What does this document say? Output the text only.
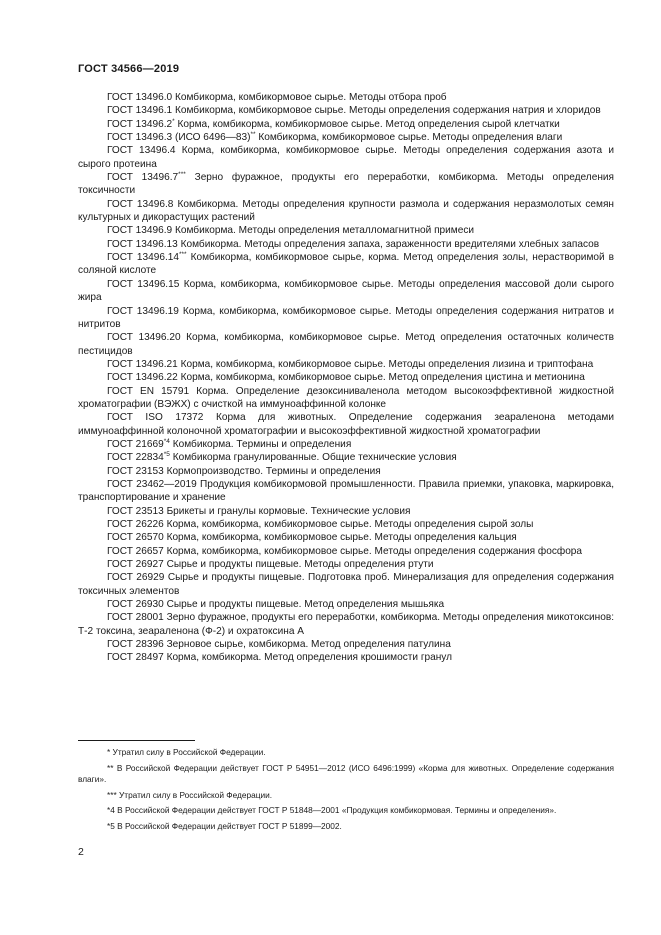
ГОСТ 34566—2019

ГОСТ 13496.0 Комбикорма, комбикормовое сырье. Методы отбора проб

ГОСТ 13496.1 Комбикорма, комбикормовое сырье. Методы определения содержания натрия и хлоридов

ГОСТ 13496.2* Корма, комбикорма, комбикормовое сырье. Метод определения сырой клетчатки

ГОСТ 13496.3 (ИСО 6496—83)** Комбикорма, комбикормовое сырье. Методы определения влаги

ГОСТ 13496.4 Корма, комбикорма, комбикормовое сырье. Методы определения содержания азота и сырого протеина

ГОСТ 13496.7*** Зерно фуражное, продукты его переработки, комбикорма. Методы определения токсичности

ГОСТ 13496.8 Комбикорма. Методы определения крупности размола и содержания неразмолотых семян культурных и дикорастущих растений

ГОСТ 13496.9 Комбикорма. Методы определения металломагнитной примеси

ГОСТ 13496.13 Комбикорма. Методы определения запаха, зараженности вредителями хлебных запасов

ГОСТ 13496.14*** Комбикорма, комбикормовое сырье, корма. Метод определения золы, нерастворимой в соляной кислоте

ГОСТ 13496.15 Корма, комбикорма, комбикормовое сырье. Методы определения массовой доли сырого жира

ГОСТ 13496.19 Корма, комбикорма, комбикормовое сырье. Методы определения содержания нитратов и нитритов

ГОСТ 13496.20 Корма, комбикорма, комбикормовое сырье. Метод определения остаточных количеств пестицидов

ГОСТ 13496.21 Корма, комбикорма, комбикормовое сырье. Методы определения лизина и триптофана

ГОСТ 13496.22 Корма, комбикорма, комбикормовое сырье. Метод определения цистина и метионина

ГОСТ EN 15791 Корма. Определение дезоксиниваленола методом высокоэффективной жидкостной хроматографии (ВЭЖХ) с очисткой на иммуноаффинной колонке

ГОСТ ISO 17372 Корма для животных. Определение содержания зеараленона методами иммуноаффинной колоночной хроматографии и высокоэффективной жидкостной хроматографии

ГОСТ 21669$^{*4}$ Комбикорма. Термины и определения

ГОСТ 22834$^{*5}$ Комбикорма гранулированные. Общие технические условия

ГОСТ 23153 Кормопроизводство. Термины и определения

ГОСТ 23462—2019 Продукция комбикормовой промышленности. Правила приемки, упаковка, маркировка, транспортирование и хранение

ГОСТ 23513 Брикеты и гранулы кормовые. Технические условия

ГОСТ 26226 Корма, комбикорма, комбикормовое сырье. Методы определения сырой золы

ГОСТ 26570 Корма, комбикорма, комбикормовое сырье. Методы определения кальция

ГОСТ 26657 Корма, комбикорма, комбикормовое сырье. Методы определения содержания фосфора

ГОСТ 26927 Сырье и продукты пищевые. Методы определения ртути

ГОСТ 26929 Сырье и продукты пищевые. Подготовка проб. Минерализация для определения содержания токсичных элементов

ГОСТ 26930 Сырье и продукты пищевые. Метод определения мышьяка

ГОСТ 28001 Зерно фуражное, продукты его переработки, комбикорма. Методы определения микотоксинов: Т-2 токсина, зеараленона (Ф-2) и охратоксина А

ГОСТ 28396 Зерновое сырье, комбикорма. Метод определения патулина

ГОСТ 28497 Корма, комбикорма. Метод определения крошимости гранул

* Утратил силу в Российской Федерации.

** В Российской Федерации действует ГОСТ Р 54951—2012 (ИСО 6496:1999) «Корма для животных. Определение содержания влаги».

*** Утратил силу в Российской Федерации.

*4 В Российской Федерации действует ГОСТ Р 51848—2001 «Продукция комбикормовая. Термины и определения».

*5 В Российской Федерации действует ГОСТ Р 51899—2002.

2
